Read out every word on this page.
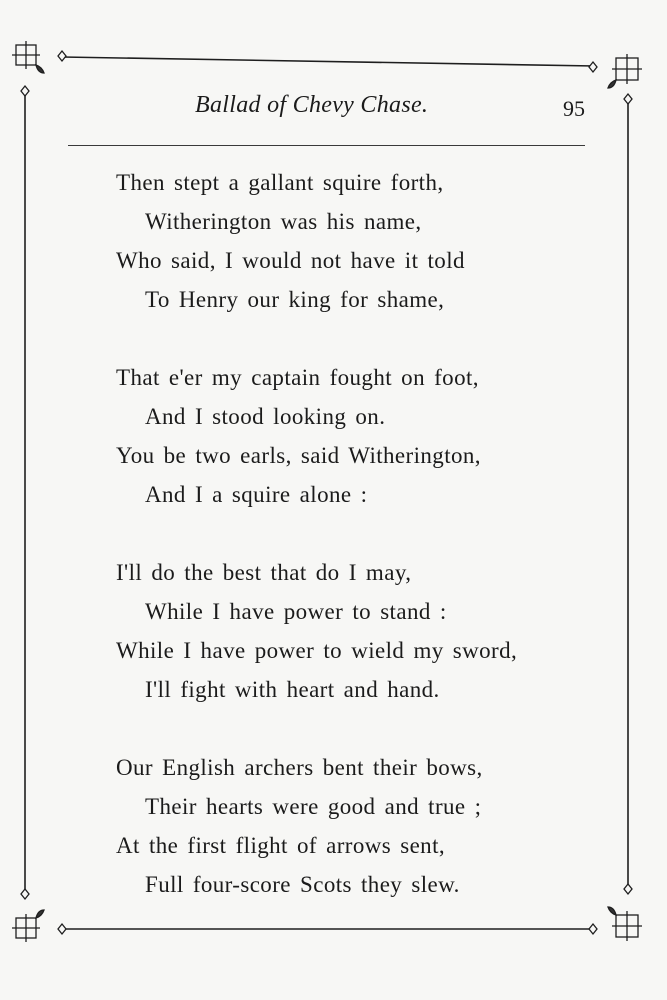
Ballad of Chevy Chase.	95
Then stept a gallant squire forth,
Witherington was his name,
Who said, I would not have it told
To Henry our king for shame,
That e'er my captain fought on foot,
And I stood looking on.
You be two earls, said Witherington,
And I a squire alone :
I'll do the best that do I may,
While I have power to stand :
While I have power to wield my sword,
I'll fight with heart and hand.
Our English archers bent their bows,
Their hearts were good and true ;
At the first flight of arrows sent,
Full four-score Scots they slew.
